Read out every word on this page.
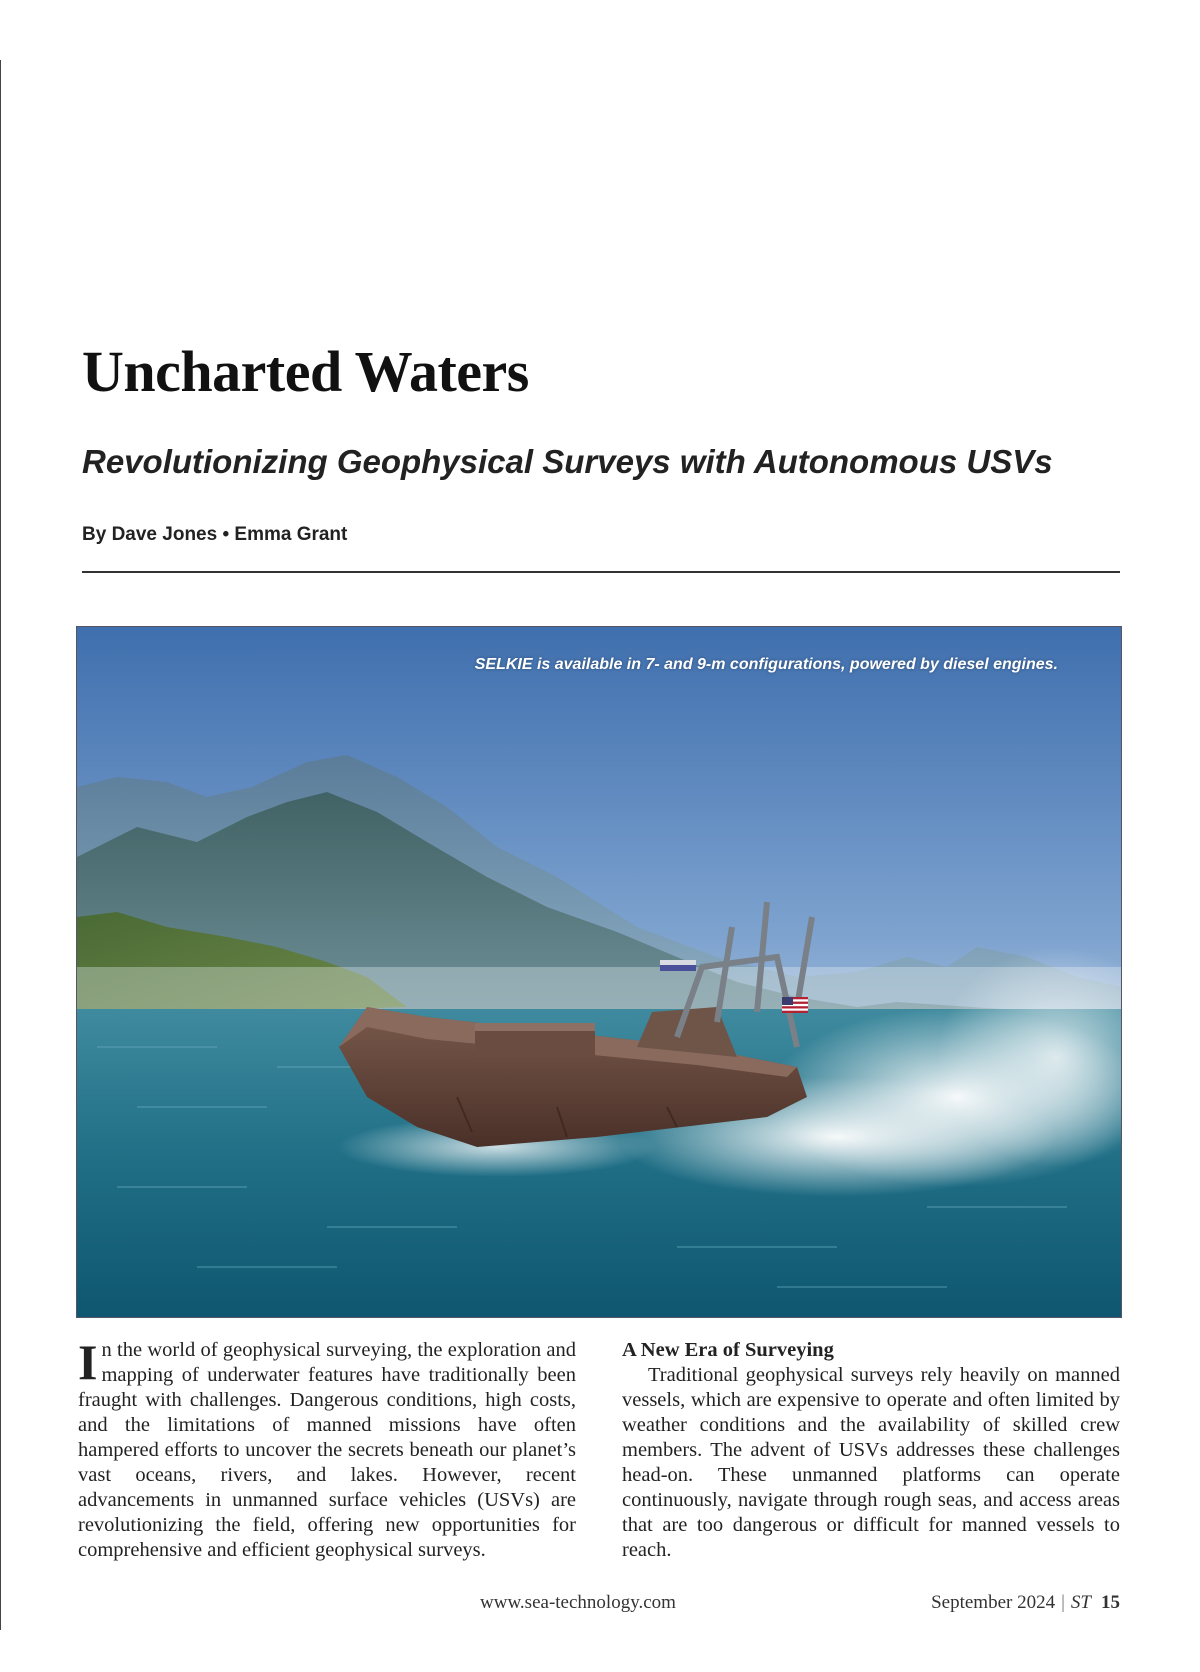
Uncharted Waters
Revolutionizing Geophysical Surveys with Autonomous USVs
By Dave Jones • Emma Grant
SELKIE is available in 7- and 9-m configurations, powered by diesel engines.

In the world of geophysical surveying, the exploration and mapping of underwater features have traditionally been fraught with challenges. Dangerous conditions, high costs, and the limitations of manned missions have often hampered efforts to uncover the secrets beneath our planet’s vast oceans, rivers, and lakes. However, recent advancements in unmanned surface vehicles (USVs) are revolutionizing the field, offering new opportunities for comprehensive and efficient geophysical surveys.

A New Era of Surveying

Traditional geophysical surveys rely heavily on manned vessels, which are expensive to operate and often limited by weather conditions and the availability of skilled crew members. The advent of USVs addresses these challenges head-on. These unmanned platforms can operate continuously, navigate through rough seas, and access areas that are too dangerous or difficult for manned vessels to reach.

www.sea-technology.com	September 2024 | ST 15
